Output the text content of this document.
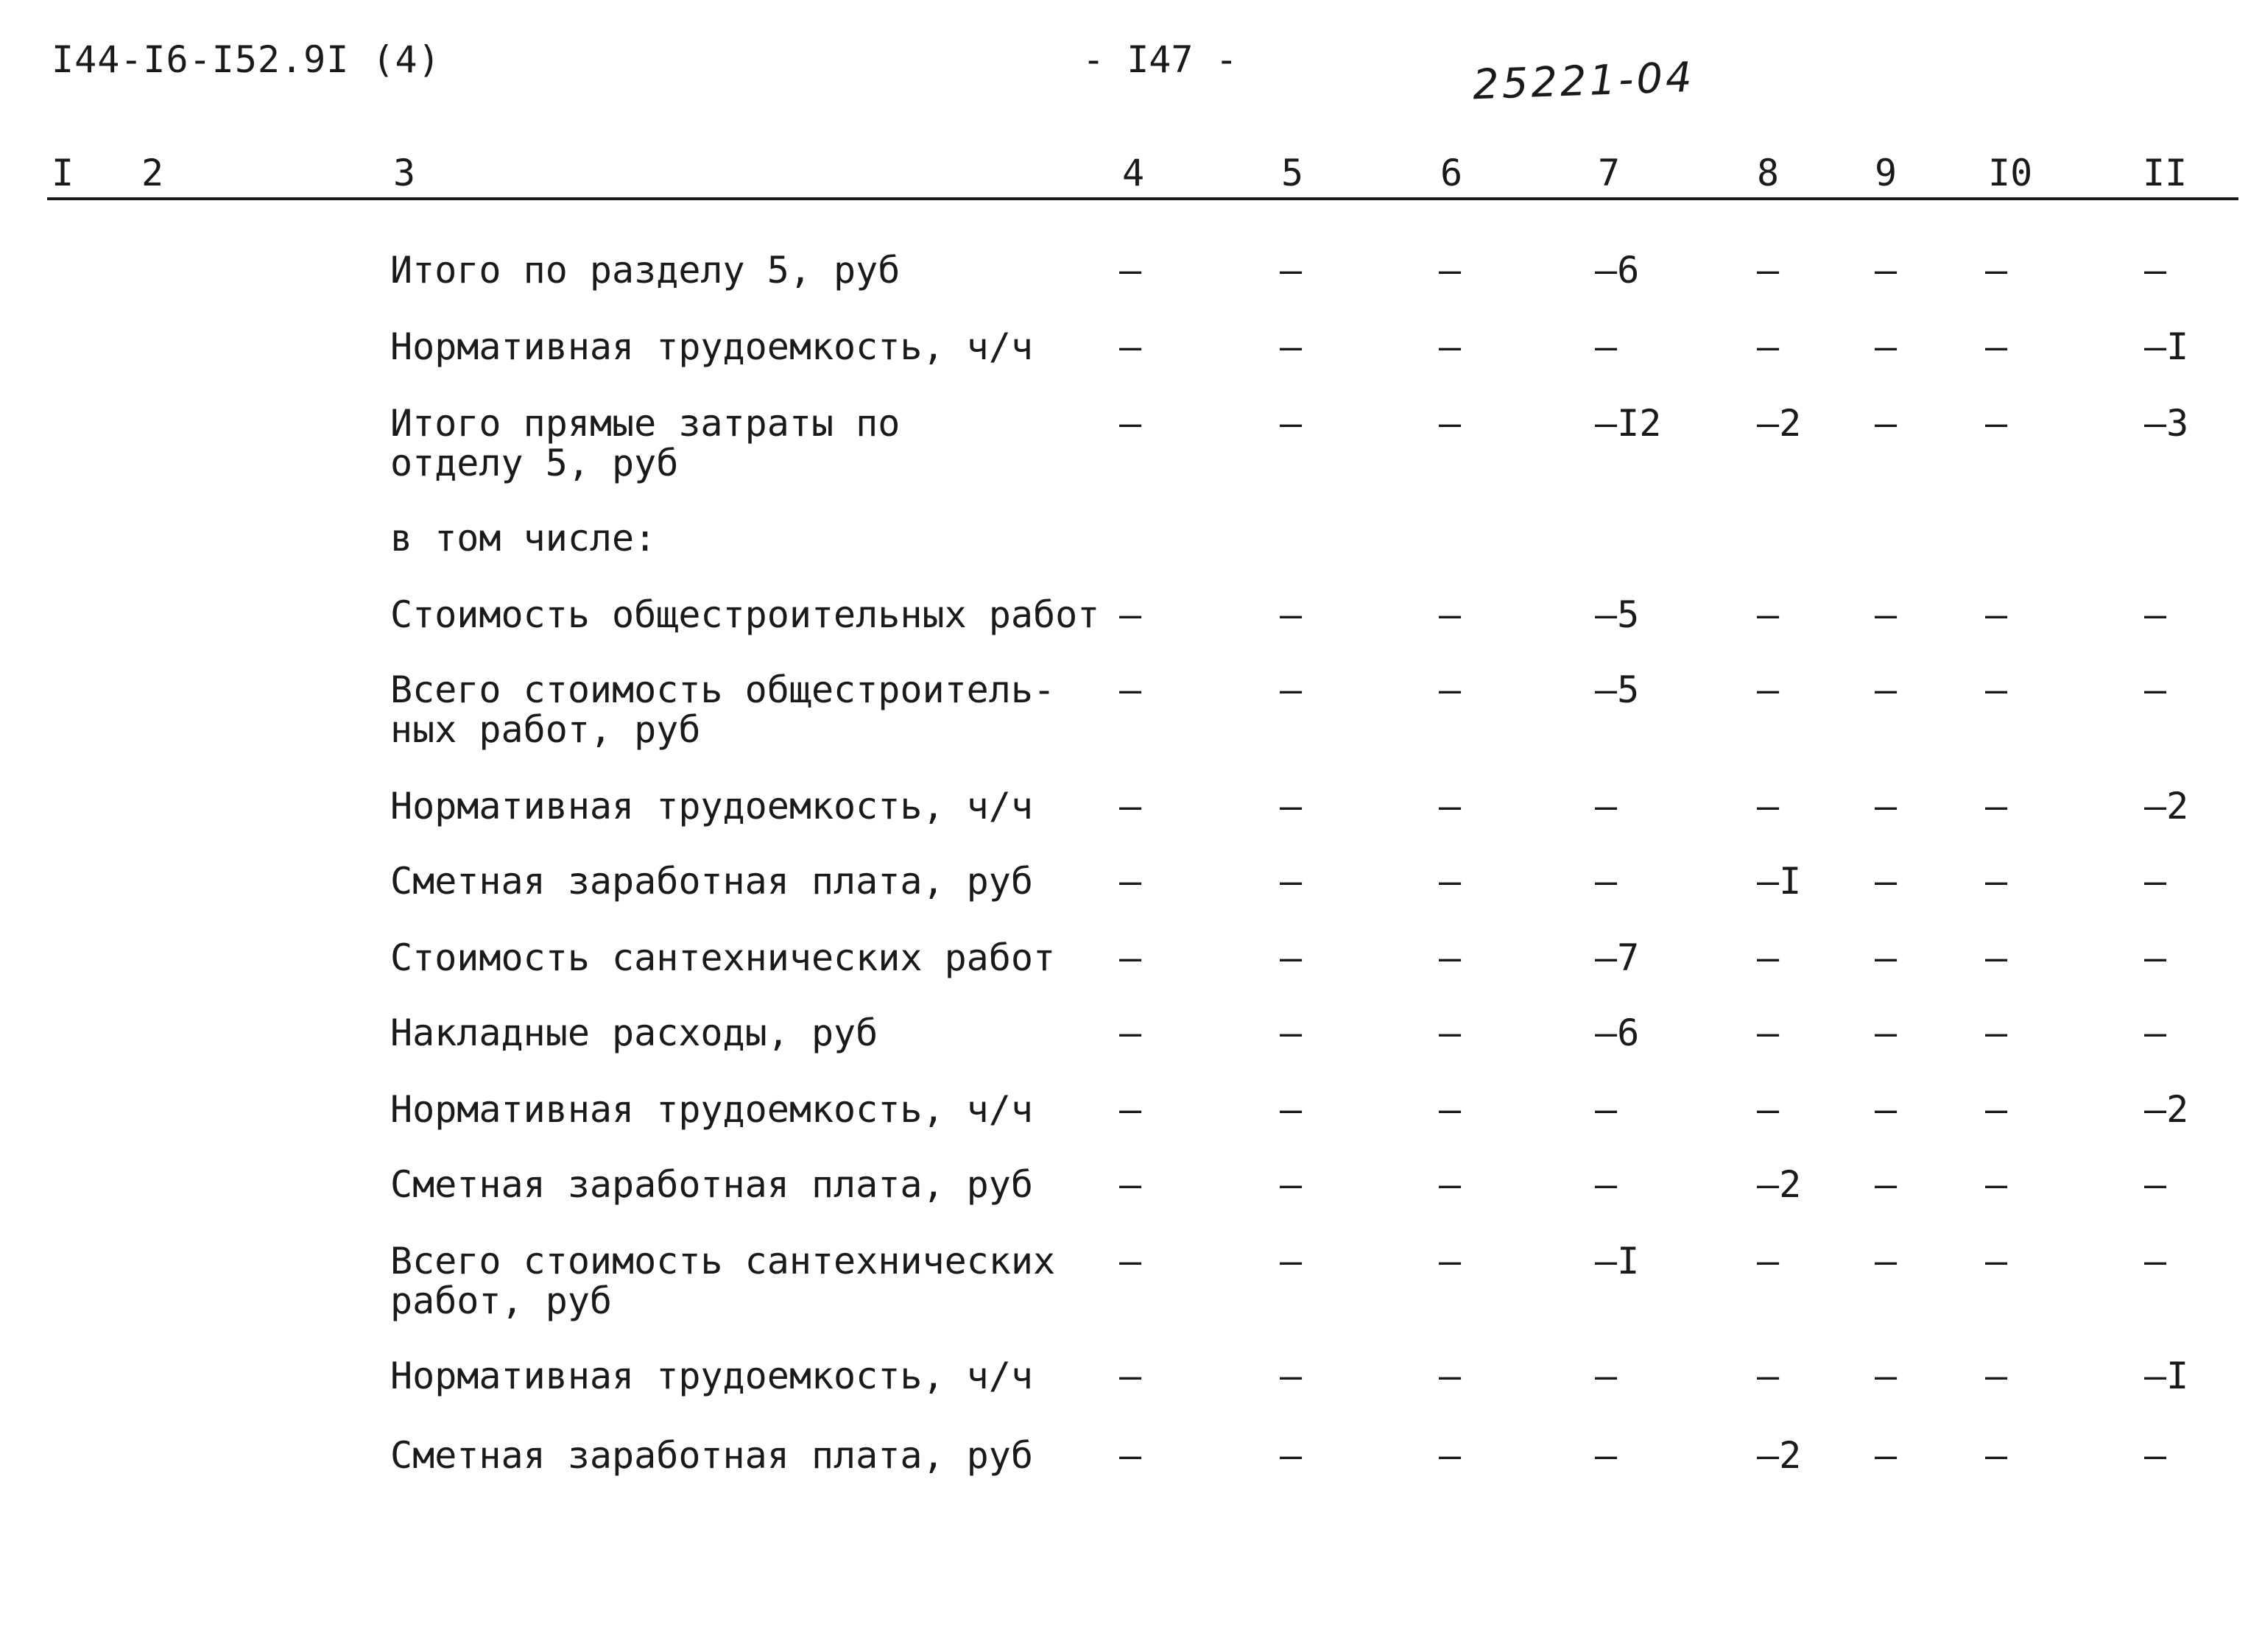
I44-I6-I52.9I (4)	- I47 -	25221-04
I 2	3	4	5	6	7	8	9 I0	II
Итого по разделу 5, руб	–	–	–	–6	–	– –	–
Нормативная трудоемкость, ч/ч	–	–	–	–	–	– –	–I
Итого прямые затраты по
отделу 5, руб
–	–	–	–I2	–2 – –	–3
в том числе:
Стоимость общестроительных работ –	–	–	–5	–	– –	–
Всего стоимость общестроитель-
ных работ, руб
–	–	–	–5	–	– –	–
Нормативная трудоемкость, ч/ч	–	–	–	–	–	– –	–2
Сметная заработная плата, руб	–	–	–	–	–I – –	–
Стоимость сантехнических работ	–	–	–	–7	–	– –	–
Накладные расходы, руб	–	–	–	–6	–	– –	–
Нормативная трудоемкость, ч/ч	–	–	–	–	–	– –	–2
Сметная заработная плата, руб	–	–	–	–	–2 – –	–
Всего стоимость сантехнических
работ, руб
–	–	–	–I	–	– –	–
Нормативная трудоемкость, ч/ч	–	–	–	–	–	– –	–I
Сметная заработная плата, руб	–	–	–	–	–2 – –	–
